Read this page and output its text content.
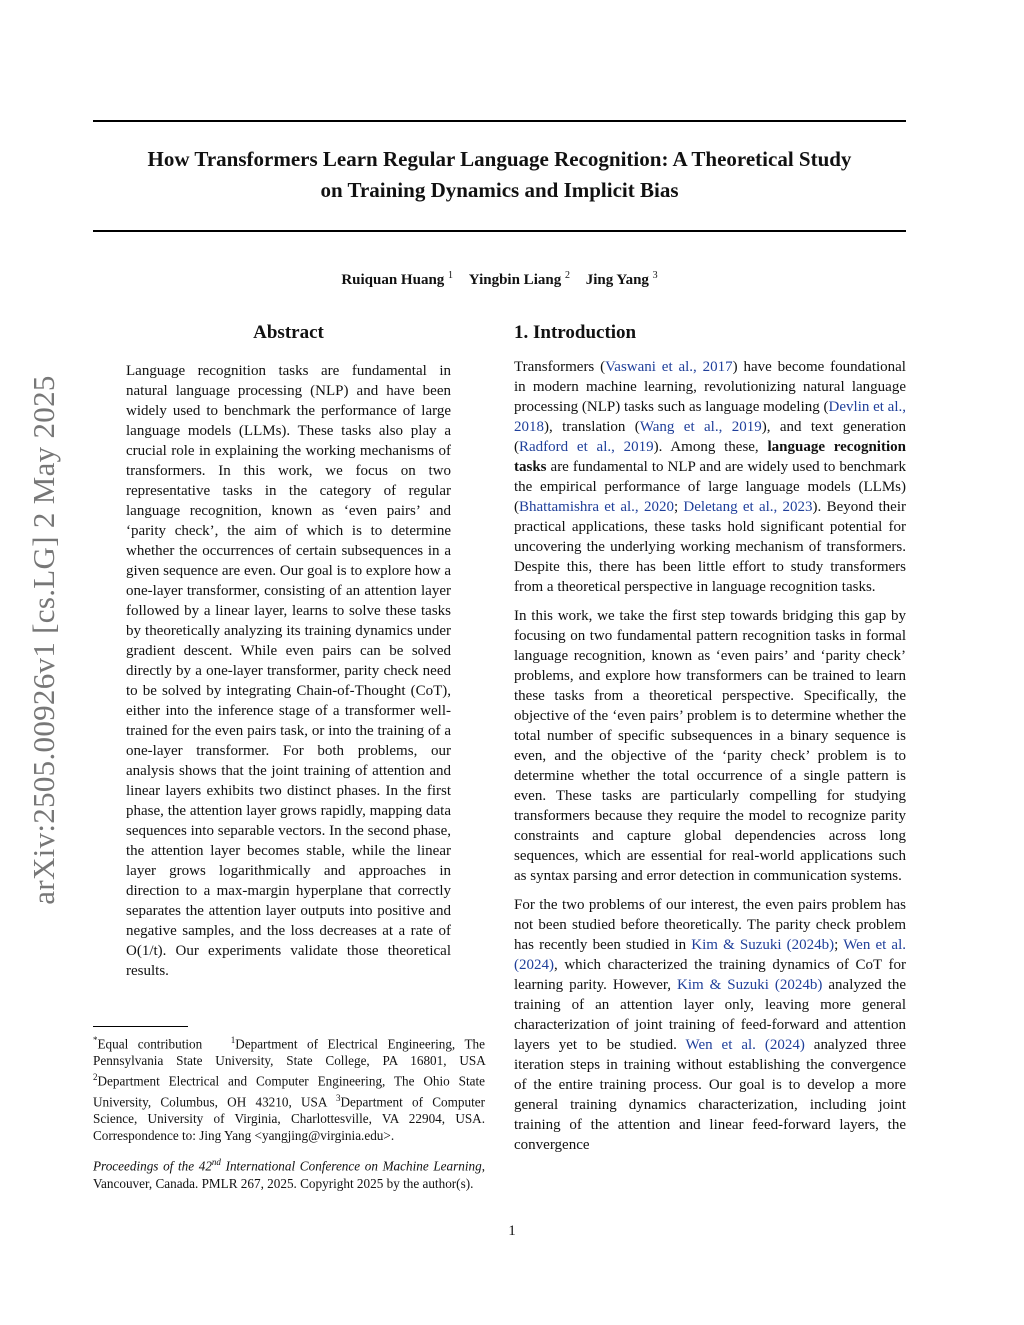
How Transformers Learn Regular Language Recognition: A Theoretical Study
on Training Dynamics and Implicit Bias
Ruiquan Huang $^1$ Yingbin Liang $^2$ Jing Yang $^3$
arXiv:2505.00926v1 [cs.LG] 2 May 2025
Abstract

Language recognition tasks are fundamental in natural language processing (NLP) and have been widely used to benchmark the performance of large language models (LLMs). These tasks also play a crucial role in explaining the working mechanisms of transformers. In this work, we focus on two representative tasks in the category of regular language recognition, known as ‘even pairs’ and ‘parity check’, the aim of which is to determine whether the occurrences of certain subsequences in a given sequence are even. Our goal is to explore how a one-layer transformer, consisting of an attention layer followed by a linear layer, learns to solve these tasks by theoretically analyzing its training dynamics under gradient descent. While even pairs can be solved directly by a one-layer transformer, parity check need to be solved by integrating Chain-of-Thought (CoT), either into the inference stage of a transformer well-trained for the even pairs task, or into the training of a one-layer transformer. For both problems, our analysis shows that the joint training of attention and linear layers exhibits two distinct phases. In the first phase, the attention layer grows rapidly, mapping data sequences into separable vectors. In the second phase, the attention layer becomes stable, while the linear layer grows logarithmically and approaches in direction to a max-margin hyperplane that correctly separates the attention layer outputs into positive and negative samples, and the loss decreases at a rate of O(1/t). Our experiments validate those theoretical results.

1. Introduction

Transformers (Vaswani et al., 2017) have become foundational in modern machine learning, revolutionizing natural language processing (NLP) tasks such as language modeling (Devlin et al., 2018), translation (Wang et al., 2019), and text generation (Radford et al., 2019). Among these, language recognition tasks are fundamental to NLP and are widely used to benchmark the empirical performance of large language models (LLMs) (Bhattamishra et al., 2020; Deletang et al., 2023). Beyond their practical applications, these tasks hold significant potential for uncovering the underlying working mechanism of transformers. Despite this, there has been little effort to study transformers from a theoretical perspective in language recognition tasks.

In this work, we take the first step towards bridging this gap by focusing on two fundamental pattern recognition tasks in formal language recognition, known as ‘even pairs’ and ‘parity check’ problems, and explore how transformers can be trained to learn these tasks from a theoretical perspective. Specifically, the objective of the ‘even pairs’ problem is to determine whether the total number of specific subsequences in a binary sequence is even, and the objective of the ‘parity check’ problem is to determine whether the total occurrence of a single pattern is even. These tasks are particularly compelling for studying transformers because they require the model to recognize parity constraints and capture global dependencies across long sequences, which are essential for real-world applications such as syntax parsing and error detection in communication systems.

For the two problems of our interest, the even pairs problem has not been studied before theoretically. The parity check problem has recently been studied in Kim & Suzuki (2024b); Wen et al. (2024), which characterized the training dynamics of CoT for learning parity. However, Kim & Suzuki (2024b) analyzed the training of an attention layer only, leaving more general characterization of joint training of feed-forward and attention layers yet to be studied. Wen et al. (2024) analyzed three iteration steps in training without establishing the convergence of the entire training process. Our goal is to develop a more general training dynamics characterization, including joint training of the attention and linear feed-forward layers, the convergence

*Equal contribution	$^1$Department of Electrical Engineering, The Pennsylvania State University, State College, PA 16801, USA $^2$Department Electrical and Computer Engineering, The Ohio State University, Columbus, OH 43210, USA $^3$Department of Computer Science, University of Virginia, Charlottesville, VA 22904, USA. Correspondence to: Jing Yang <yangjing@virginia.edu>.

Proceedings of the 42nd International Conference on Machine Learning, Vancouver, Canada. PMLR 267, 2025. Copyright 2025 by the author(s).

1
